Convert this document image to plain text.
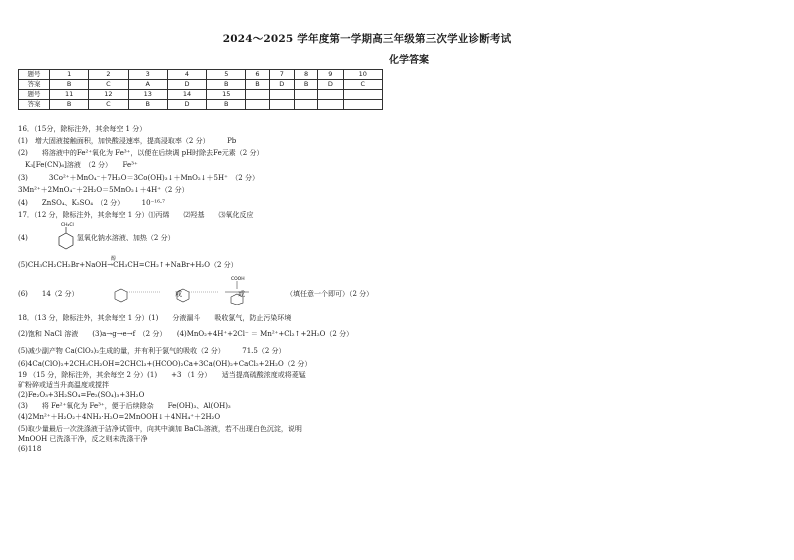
2024～2025 学年度第一学期高三年级第三次学业诊断考试
化学答案
题号	1	2	3	4	5	6	7	8	9	10
答案	B	C	A	D	B	B	D	B	D	C
题号	11	12	13	14	15					
答案	B	C	B	D	B					
16．（15分，除标注外，其余每空 1 分）
(1)　增大固液接触面积，加快酸浸速率，提高浸取率（2 分）　　　Pb
(2)　　将溶液中的Fe²⁺氧化为 Fe³⁺，以便在后续调 pH时除去Fe元素（2 分）
　K₃[Fe(CN)₆]溶液　（2 分）　　Fe³⁺
(3)　　　3Co²⁺＋MnO₄⁻＋7H₂O＝3Co(OH)₃↓＋MnO₂↓＋5H⁺　（2 分）
3Mn²⁺＋2MnO₄⁻＋2H₂O＝5MnO₂↓＋4H⁺（2 分）
(4)　　ZnSO₄、K₂SO₄　（2 分）　　　10⁻¹⁶·⁷
17．（12 分，除标注外，其余每空 1 分）⑴丙烯　　⑵羟基　　⑶氧化反应
CH₂Cl
(4)　　　　　　　氢氧化钠水溶液、加热（2 分）
(5)CH₃CH₂CH₂Br+NaOH→CH₃CH=CH₂↑+NaBr+H₂O（2 分）
醇
(6)　　14（2 分）
COOH
或　　　　　　　　或	（填任意一个即可）（2 分）
18．（13 分，除标注外，其余每空 1 分）(1)　　分液漏斗　　吸收氯气，防止污染环境
(2)饱和 NaCl 溶液　　(3)a→g→e→f　（2 分）　　(4)MnO₂+4H⁺+2Cl⁻ ＝ Mn²⁺+Cl₂↑+2H₂O（2 分）
(5)减少副产物 Ca(ClO₃)₂生成的量，并有利于氯气的吸收（2 分）　　　71.5（2 分）
(6)4Ca(ClO)₂+2CH₃CH₂OH=2CHCl₃+(HCOO)₂Ca+3Ca(OH)₂+CaCl₂+2H₂O（2 分）
19 （15 分，除标注外，其余每空 2 分）(1)　　+3 （1 分）　　适当提高硫酸浓度或将菱锰
矿粉碎或适当升高温度或搅拌
(2)Fe₂O₃+3H₂SO₄=Fe₂(SO₄)₃+3H₂O
(3)　　将 Fe²⁺氧化为 Fe³⁺，便于后续除杂　　Fe(OH)₃、Al(OH)₃
(4)2Mn²⁺＋H₂O₂＋4NH₃·H₂O=2MnOOH↓＋4NH₄⁺＋2H₂O
(5)取少量最后一次洗涤液于洁净试管中，向其中滴加 BaCl₂溶液，若不出现白色沉淀，说明
MnOOH 已洗涤干净，反之则未洗涤干净
(6)118
